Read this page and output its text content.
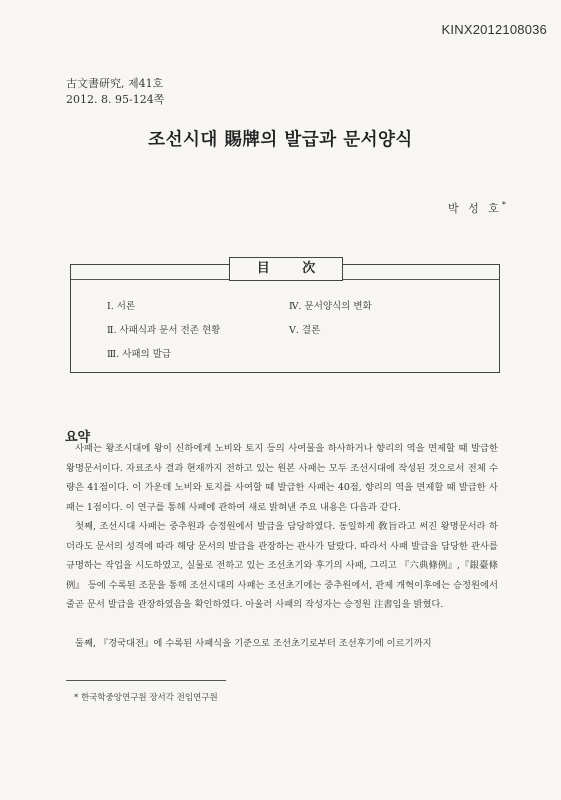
KINX2012108036
古文書研究, 제41호
2012. 8. 95-124쪽
조선시대 賜牌의 발급과 문서양식
박 성 호*
目 次
Ⅰ. 서론
Ⅱ. 사패식과 문서 전존 현황
Ⅲ. 사패의 발급
Ⅳ. 문서양식의 변화
Ⅴ. 결론
요약
사패는 왕조시대에 왕이 신하에게 노비와 토지 등의 사여물을 하사하거나 향리의 역을 면제할 때 발급한 왕명문서이다. 자료조사 결과 현재까지 전하고 있는 원본 사패는 모두 조선시대에 작성된 것으로서 전체 수량은 41점이다. 이 가운데 노비와 토지를 사여할 때 발급한 사패는 40점, 향리의 역을 면제할 때 발급한 사패는 1점이다. 이 연구를 통해 사패에 관하여 새로 밝혀낸 주요 내용은 다음과 같다.
첫째, 조선시대 사패는 중추원과 승정원에서 발급을 담당하였다. 동일하게 敎旨라고 써진 왕명문서라 하더라도 문서의 성격에 따라 해당 문서의 발급을 관장하는 관사가 달랐다. 따라서 사패 발급을 담당한 관사를 규명하는 작업을 시도하였고, 실물로 전하고 있는 조선초기와 후기의 사패, 그리고 『六典條例』,『銀臺條例』 등에 수록된 조문을 통해 조선시대의 사패는 조선초기에는 중추원에서, 관제 개혁이후에는 승정원에서 줄곧 문서 발급을 관장하였음을 확인하였다. 아울러 사패의 작성자는 승정원 注書임을 밝혔다.
둘째, 『경국대전』에 수록된 사패식을 기준으로 조선초기로부터 조선후기에 이르기까지
* 한국학중앙연구원 장서각 전임연구원
